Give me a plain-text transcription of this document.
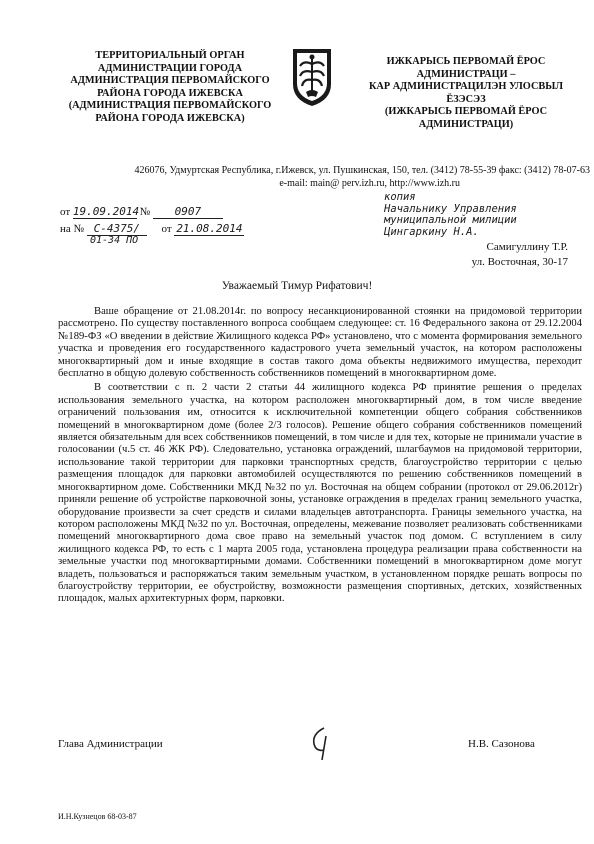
ТЕРРИТОРИАЛЬНЫЙ ОРГАН
АДМИНИСТРАЦИИ ГОРОДА
АДМИНИСТРАЦИЯ ПЕРВОМАЙСКОГО
РАЙОНА ГОРОДА ИЖЕВСКА
(АДМИНИСТРАЦИЯ ПЕРВОМАЙСКОГО
РАЙОНА ГОРОДА ИЖЕВСКА)
ИЖКАРЫСЬ ПЕРВОМАЙ ЁРОС
АДМИНИСТРАЦИ –
КАР АДМИНИСТРАЦИЛЭН УЛОСВЫЛ
ЁЗЭСЭЗ
(ИЖКАРЫСЬ ПЕРВОМАЙ ЁРОС
АДМИНИСТРАЦИ)
426076, Удмуртская Республика, г.Ижевск, ул. Пушкинская, 150, тел. (3412) 78-55-39 факс: (3412) 78-07-63
e-mail: main@ perv.izh.ru, http://www.izh.ru
от 19.09.2014 № 0907
на № С-4375/ от 21.08.2014
01-34 ПО
копия
Начальнику Управления
муниципальной милиции
Цингаркину Н.А.
Самигуллину Т.Р.
ул. Восточная, 30-17
Уважаемый Тимур Рифатович!

Ваше обращение от 21.08.2014г. по вопросу несанкционированной стоянки на придомовой территории рассмотрено. По существу поставленного вопроса сообщаем следующее: ст. 16 Федерального закона от 29.12.2004 №189-ФЗ «О введении в действие Жилищного кодекса РФ» установлено, что с момента формирования земельного участка и проведения его государственного кадастрового учета земельный участок, на котором расположены многоквартирный дом и иные входящие в состав такого дома объекты недвижимого имущества, переходит бесплатно в общую долевую собственность собственников помещений в многоквартирном доме.

В соответствии с п. 2 части 2 статьи 44 жилищного кодекса РФ принятие решения о пределах использования земельного участка, на котором расположен многоквартирный дом, в том числе введение ограничений пользования им, относится к исключительной компетенции общего собрания собственников помещений в многоквартирном доме (более 2/3 голосов). Решение общего собрания собственников помещений является обязательным для всех собственников помещений, в том числе и для тех, которые не принимали участие в голосовании (ч.5 ст. 46 ЖК РФ). Следовательно, установка ограждений, шлагбаумов на придомовой территории, использование такой территории для парковки транспортных средств, благоустройство территории с целью размещения площадок для парковки автомобилей осуществляются по решению собственников помещений в многоквартирном доме. Собственники МКД №32 по ул. Восточная на общем собрании (протокол от 29.06.2012г) приняли решение об устройстве парковочной зоны, установке ограждения в пределах границ земельного участка, оборудование произвести за счет средств и силами владельцев автотранспорта. Границы земельного участка, на котором расположены МКД №32 по ул. Восточная, определены, межевание позволяет реализовать собственниками помещений многоквартирного дома свое право на земельный участок под домом. С вступлением в силу жилищного кодекса РФ, то есть с 1 марта 2005 года, установлена процедура реализации права собственности на земельные участки под многоквартирными домами. Собственники помещений в многоквартирном доме могут владеть, пользоваться и распоряжаться таким земельным участком, в установленном порядке решать вопросы по благоустройству территории, ее обустройству, возможности размещения спортивных, детских, хозяйственных площадок, малых архитектурных форм, парковки.

Глава Администрации	Н.В. Сазонова
И.Н.Кузнецов 68-03-87
